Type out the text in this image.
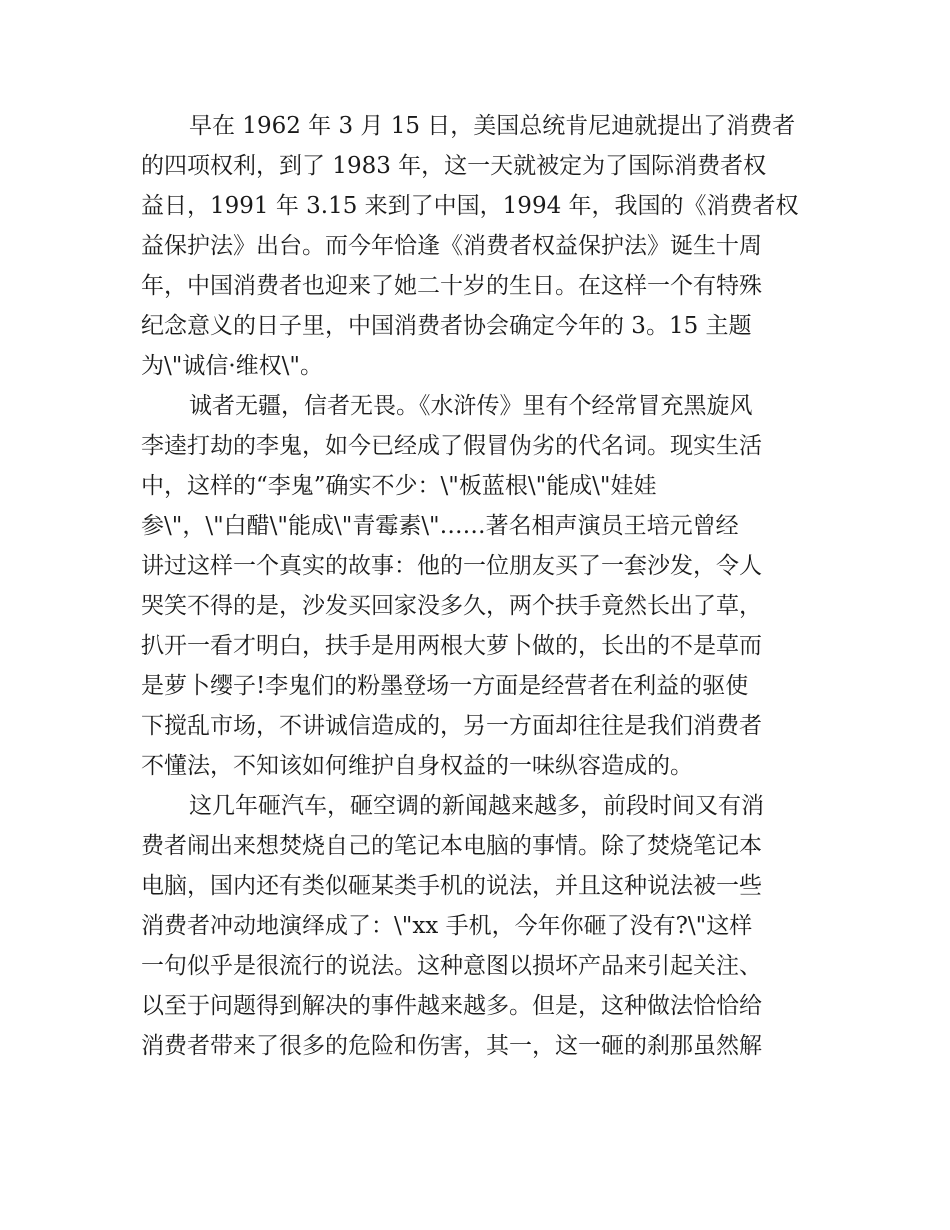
早在 1962 年 3 月 15 日，美国总统肯尼迪就提出了消费者
的四项权利，到了 1983 年，这一天就被定为了国际消费者权
益日，1991 年 3.15 来到了中国，1994 年，我国的《消费者权
益保护法》出台。而今年恰逢《消费者权益保护法》诞生十周
年，中国消费者也迎来了她二十岁的生日。在这样一个有特殊
纪念意义的日子里，中国消费者协会确定今年的 3。15 主题
为\"诚信·维权\"。
诚者无疆，信者无畏。《水浒传》里有个经常冒充黑旋风
李逵打劫的李鬼，如今已经成了假冒伪劣的代名词。现实生活
中，这样的“李鬼”确实不少：\"板蓝根\"能成\"娃娃
参\"，\"白醋\"能成\"青霉素\"……著名相声演员王培元曾经
讲过这样一个真实的故事：他的一位朋友买了一套沙发，令人
哭笑不得的是，沙发买回家没多久，两个扶手竟然长出了草，
扒开一看才明白，扶手是用两根大萝卜做的，长出的不是草而
是萝卜缨子!李鬼们的粉墨登场一方面是经营者在利益的驱使
下搅乱市场，不讲诚信造成的，另一方面却往往是我们消费者
不懂法，不知该如何维护自身权益的一味纵容造成的。
这几年砸汽车，砸空调的新闻越来越多，前段时间又有消
费者闹出来想焚烧自己的笔记本电脑的事情。除了焚烧笔记本
电脑，国内还有类似砸某类手机的说法，并且这种说法被一些
消费者冲动地演绎成了：\"xx 手机，今年你砸了没有?\"这样
一句似乎是很流行的说法。这种意图以损坏产品来引起关注、
以至于问题得到解决的事件越来越多。但是，这种做法恰恰给
消费者带来了很多的危险和伤害，其一，这一砸的刹那虽然解
